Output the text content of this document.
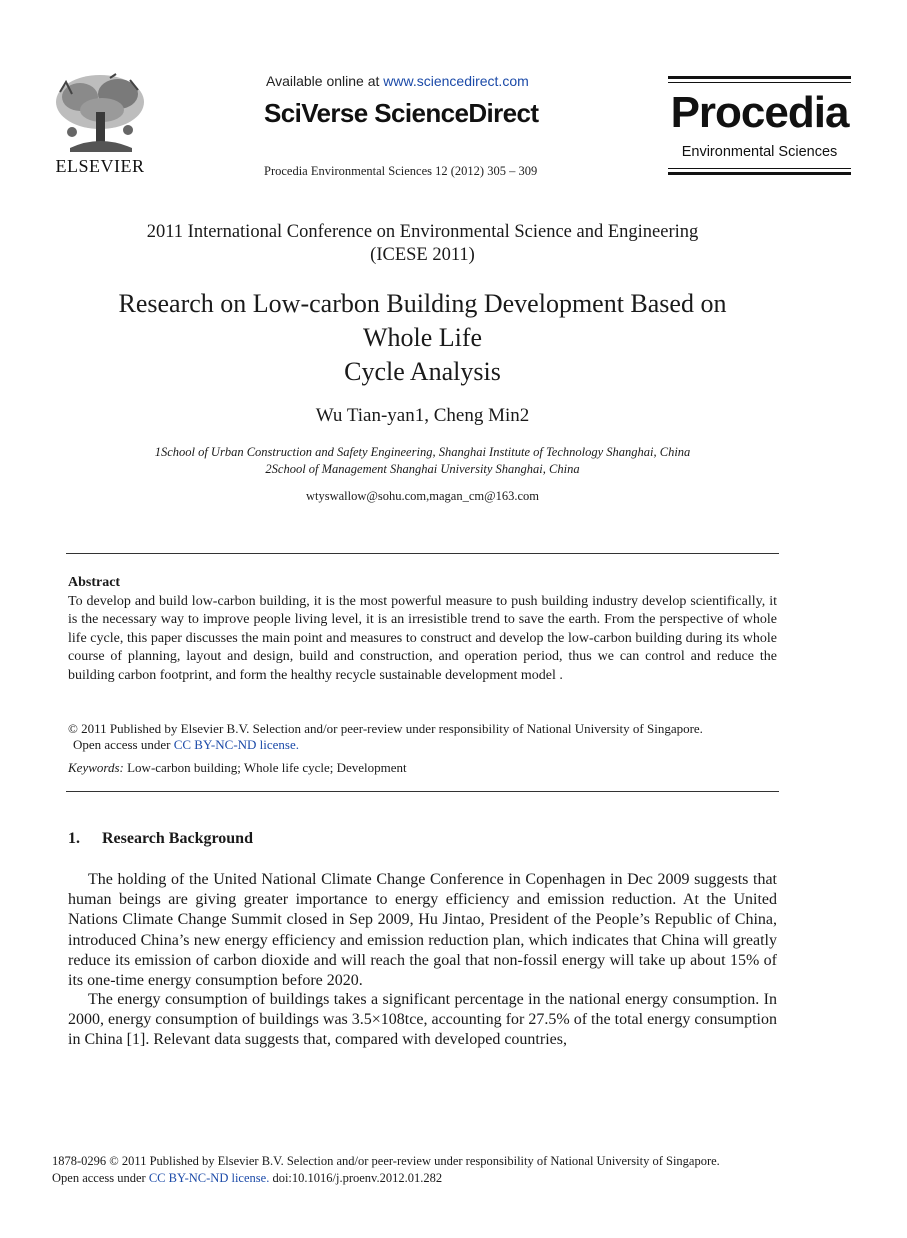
ELSEVIER
Available online at www.sciencedirect.com
SciVerse ScienceDirect
Procedia Environmental Sciences 12 (2012) 305 – 309
Procedia
Environmental Sciences
2011 International Conference on Environmental Science and Engineering
(ICESE 2011)
Research on Low-carbon Building Development Based on
Whole Life
Cycle Analysis
Wu Tian-yan1, Cheng Min2
1School of Urban Construction and Safety Engineering, Shanghai Institute of Technology Shanghai, China
2School of Management Shanghai University Shanghai, China
wtyswallow@sohu.com,magan_cm@163.com
Abstract
To develop and build low-carbon building, it is the most powerful measure to push building industry develop scientifically, it is the necessary way to improve people living level, it is an irresistible trend to save the earth. From the perspective of whole life cycle, this paper discusses the main point and measures to construct and develop the low-carbon building during its whole course of planning, layout and design, build and construction, and operation period, thus we can control and reduce the building carbon footprint, and form the healthy recycle sustainable development model .
© 2011 Published by Elsevier B.V. Selection and/or peer-review under responsibility of National University of Singapore.
Open access under CC BY-NC-ND license.
Keywords: Low-carbon building; Whole life cycle; Development
1. Research Background
The holding of the United National Climate Change Conference in Copenhagen in Dec 2009 suggests that human beings are giving greater importance to energy efficiency and emission reduction. At the United Nations Climate Change Summit closed in Sep 2009, Hu Jintao, President of the People’s Republic of China, introduced China’s new energy efficiency and emission reduction plan, which indicates that China will greatly reduce its emission of carbon dioxide and will reach the goal that non-fossil energy will take up about 15% of its one-time energy consumption before 2020.
The energy consumption of buildings takes a significant percentage in the national energy consumption. In 2000, energy consumption of buildings was 3.5×108tce, accounting for 27.5% of the total energy consumption in China [1]. Relevant data suggests that, compared with developed countries,
1878-0296 © 2011 Published by Elsevier B.V. Selection and/or peer-review under responsibility of National University of Singapore.
Open access under CC BY-NC-ND license. doi:10.1016/j.proenv.2012.01.282
